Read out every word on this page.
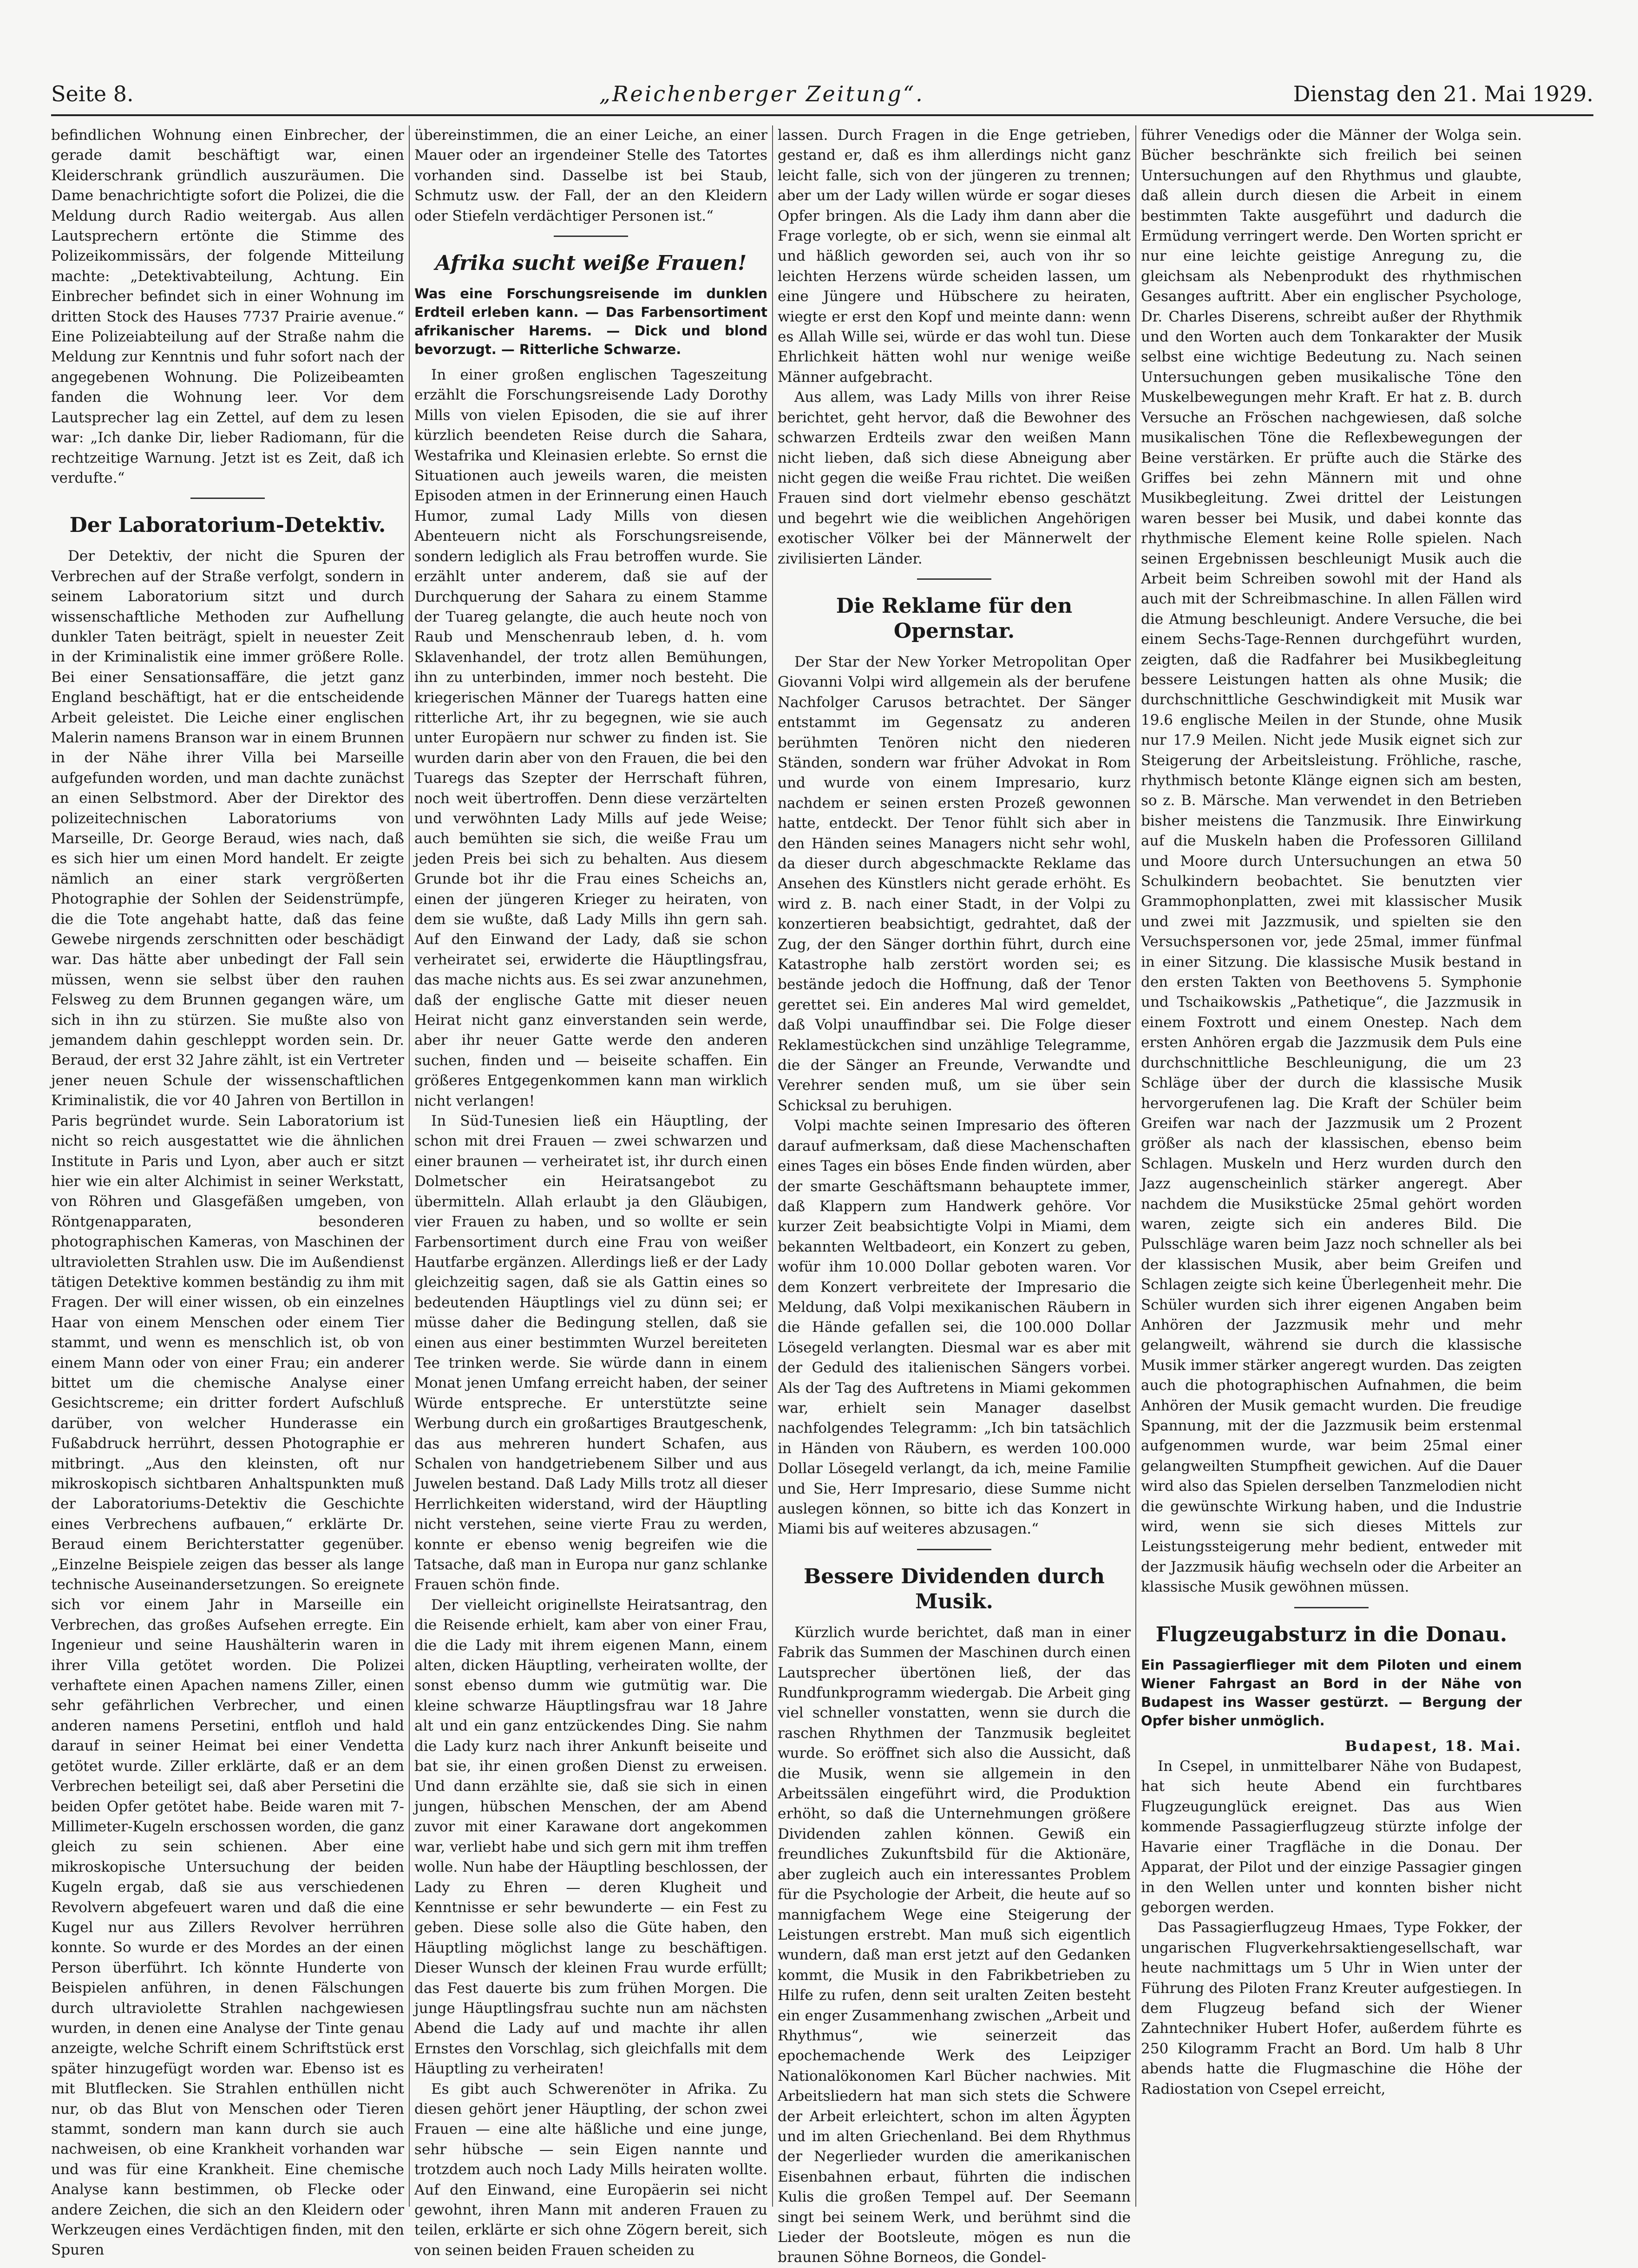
Seite 8.	„Reichenberger Zeitung“.	Dienstag den 21. Mai 1929.

befindlichen Wohnung einen Einbrecher, der gerade damit beschäftigt war, einen Kleiderschrank gründlich auszuräumen. Die Dame benachrichtigte sofort die Polizei, die die Meldung durch Radio weitergab. Aus allen Lautsprechern ertönte die Stimme des Polizeikommissärs, der folgende Mitteilung machte: „Detektivabteilung, Achtung. Ein Einbrecher befindet sich in einer Wohnung im dritten Stock des Hauses 7737 Prairie avenue.“ Eine Polizeiabteilung auf der Straße nahm die Meldung zur Kenntnis und fuhr sofort nach der angegebenen Wohnung. Die Polizeibeamten fanden die Wohnung leer. Vor dem Lautsprecher lag ein Zettel, auf dem zu lesen war: „Ich danke Dir, lieber Radiomann, für die rechtzeitige Warnung. Jetzt ist es Zeit, daß ich verdufte.“

Der Laboratorium-Detektiv.

Der Detektiv, der nicht die Spuren der Verbrechen auf der Straße verfolgt, sondern in seinem Laboratorium sitzt und durch wissenschaftliche Methoden zur Aufhellung dunkler Taten beiträgt, spielt in neuester Zeit in der Kriminalistik eine immer größere Rolle. Bei einer Sensationsaffäre, die jetzt ganz England beschäftigt, hat er die entscheidende Arbeit geleistet. Die Leiche einer englischen Malerin namens Branson war in einem Brunnen in der Nähe ihrer Villa bei Marseille aufgefunden worden, und man dachte zunächst an einen Selbstmord. Aber der Direktor des polizeitechnischen Laboratoriums von Marseille, Dr. George Beraud, wies nach, daß es sich hier um einen Mord handelt. Er zeigte nämlich an einer stark vergrößerten Photographie der Sohlen der Seidenstrümpfe, die die Tote angehabt hatte, daß das feine Gewebe nirgends zerschnitten oder beschädigt war. Das hätte aber unbedingt der Fall sein müssen, wenn sie selbst über den rauhen Felsweg zu dem Brunnen gegangen wäre, um sich in ihn zu stürzen. Sie mußte also von jemandem dahin geschleppt worden sein. Dr. Beraud, der erst 32 Jahre zählt, ist ein Vertreter jener neuen Schule der wissenschaftlichen Kriminalistik, die vor 40 Jahren von Bertillon in Paris begründet wurde. Sein Laboratorium ist nicht so reich ausgestattet wie die ähnlichen Institute in Paris und Lyon, aber auch er sitzt hier wie ein alter Alchimist in seiner Werkstatt, von Röhren und Glasgefäßen umgeben, von Röntgenapparaten, besonderen photographischen Kameras, von Maschinen der ultravioletten Strahlen usw. Die im Außendienst tätigen Detektive kommen beständig zu ihm mit Fragen. Der will einer wissen, ob ein einzelnes Haar von einem Menschen oder einem Tier stammt, und wenn es menschlich ist, ob von einem Mann oder von einer Frau; ein anderer bittet um die chemische Analyse einer Gesichtscreme; ein dritter fordert Aufschluß darüber, von welcher Hunderasse ein Fußabdruck herrührt, dessen Photographie er mitbringt. „Aus den kleinsten, oft nur mikroskopisch sichtbaren Anhaltspunkten muß der Laboratoriums-Detektiv die Geschichte eines Verbrechens aufbauen,“ erklärte Dr. Beraud einem Berichterstatter gegenüber. „Einzelne Beispiele zeigen das besser als lange technische Auseinandersetzungen. So ereignete sich vor einem Jahr in Marseille ein Verbrechen, das großes Aufsehen erregte. Ein Ingenieur und seine Haushälterin waren in ihrer Villa getötet worden. Die Polizei verhaftete einen Apachen namens Ziller, einen sehr gefährlichen Verbrecher, und einen anderen namens Persetini, entfloh und hald darauf in seiner Heimat bei einer Vendetta getötet wurde. Ziller erklärte, daß er an dem Verbrechen beteiligt sei, daß aber Persetini die beiden Opfer getötet habe. Beide waren mit 7-Millimeter-Kugeln erschossen worden, die ganz gleich zu sein schienen. Aber eine mikroskopische Untersuchung der beiden Kugeln ergab, daß sie aus verschiedenen Revolvern abgefeuert waren und daß die eine Kugel nur aus Zillers Revolver herrühren konnte. So wurde er des Mordes an der einen Person überführt. Ich könnte Hunderte von Beispielen anführen, in denen Fälschungen durch ultraviolette Strahlen nachgewiesen wurden, in denen eine Analyse der Tinte genau anzeigte, welche Schrift einem Schriftstück erst später hinzugefügt worden war. Ebenso ist es mit Blutflecken. Sie Strahlen enthüllen nicht nur, ob das Blut von Menschen oder Tieren stammt, sondern man kann durch sie auch nachweisen, ob eine Krankheit vorhanden war und was für eine Krankheit. Eine chemische Analyse kann bestimmen, ob Flecke oder andere Zeichen, die sich an den Kleidern oder Werkzeugen eines Verdächtigen finden, mit den Spuren

übereinstimmen, die an einer Leiche, an einer Mauer oder an irgendeiner Stelle des Tatortes vorhanden sind. Dasselbe ist bei Staub, Schmutz usw. der Fall, der an den Kleidern oder Stiefeln verdächtiger Personen ist.“

Afrika sucht weiße Frauen!
Was eine Forschungsreisende im dunklen Erdteil erleben kann. — Das Farbensortiment afrikanischer Harems. — Dick und blond bevorzugt. — Ritterliche Schwarze.

In einer großen englischen Tageszeitung erzählt die Forschungsreisende Lady Dorothy Mills von vielen Episoden, die sie auf ihrer kürzlich beendeten Reise durch die Sahara, Westafrika und Kleinasien erlebte. So ernst die Situationen auch jeweils waren, die meisten Episoden atmen in der Erinnerung einen Hauch Humor, zumal Lady Mills von diesen Abenteuern nicht als Forschungsreisende, sondern lediglich als Frau betroffen wurde. Sie erzählt unter anderem, daß sie auf der Durchquerung der Sahara zu einem Stamme der Tuareg gelangte, die auch heute noch von Raub und Menschenraub leben, d. h. vom Sklavenhandel, der trotz allen Bemühungen, ihn zu unterbinden, immer noch besteht. Die kriegerischen Männer der Tuaregs hatten eine ritterliche Art, ihr zu begegnen, wie sie auch unter Europäern nur schwer zu finden ist. Sie wurden darin aber von den Frauen, die bei den Tuaregs das Szepter der Herrschaft führen, noch weit übertroffen. Denn diese verzärtelten und verwöhnten Lady Mills auf jede Weise; auch bemühten sie sich, die weiße Frau um jeden Preis bei sich zu behalten. Aus diesem Grunde bot ihr die Frau eines Scheichs an, einen der jüngeren Krieger zu heiraten, von dem sie wußte, daß Lady Mills ihn gern sah. Auf den Einwand der Lady, daß sie schon verheiratet sei, erwiderte die Häuptlingsfrau, das mache nichts aus. Es sei zwar anzunehmen, daß der englische Gatte mit dieser neuen Heirat nicht ganz einverstanden sein werde, aber ihr neuer Gatte werde den anderen suchen, finden und — beiseite schaffen. Ein größeres Entgegenkommen kann man wirklich nicht verlangen!

In Süd-Tunesien ließ ein Häuptling, der schon mit drei Frauen — zwei schwarzen und einer braunen — verheiratet ist, ihr durch einen Dolmetscher ein Heiratsangebot zu übermitteln. Allah erlaubt ja den Gläubigen, vier Frauen zu haben, und so wollte er sein Farbensortiment durch eine Frau von weißer Hautfarbe ergänzen. Allerdings ließ er der Lady gleichzeitig sagen, daß sie als Gattin eines so bedeutenden Häuptlings viel zu dünn sei; er müsse daher die Bedingung stellen, daß sie einen aus einer bestimmten Wurzel bereiteten Tee trinken werde. Sie würde dann in einem Monat jenen Umfang erreicht haben, der seiner Würde entspreche. Er unterstützte seine Werbung durch ein großartiges Brautgeschenk, das aus mehreren hundert Schafen, aus Schalen von handgetriebenem Silber und aus Juwelen bestand. Daß Lady Mills trotz all dieser Herrlichkeiten widerstand, wird der Häuptling nicht verstehen, seine vierte Frau zu werden, konnte er ebenso wenig begreifen wie die Tatsache, daß man in Europa nur ganz schlanke Frauen schön finde.

Der vielleicht originellste Heiratsantrag, den die Reisende erhielt, kam aber von einer Frau, die die Lady mit ihrem eigenen Mann, einem alten, dicken Häuptling, verheiraten wollte, der sonst ebenso dumm wie gutmütig war. Die kleine schwarze Häuptlingsfrau war 18 Jahre alt und ein ganz entzückendes Ding. Sie nahm die Lady kurz nach ihrer Ankunft beiseite und bat sie, ihr einen großen Dienst zu erweisen. Und dann erzählte sie, daß sie sich in einen jungen, hübschen Menschen, der am Abend zuvor mit einer Karawane dort angekommen war, verliebt habe und sich gern mit ihm treffen wolle. Nun habe der Häuptling beschlossen, der Lady zu Ehren — deren Klugheit und Kenntnisse er sehr bewunderte — ein Fest zu geben. Diese solle also die Güte haben, den Häuptling möglichst lange zu beschäftigen. Dieser Wunsch der kleinen Frau wurde erfüllt; das Fest dauerte bis zum frühen Morgen. Die junge Häuptlingsfrau suchte nun am nächsten Abend die Lady auf und machte ihr allen Ernstes den Vorschlag, sich gleichfalls mit dem Häuptling zu verheiraten!

Es gibt auch Schwerenöter in Afrika. Zu diesen gehört jener Häuptling, der schon zwei Frauen — eine alte häßliche und eine junge, sehr hübsche — sein Eigen nannte und trotzdem auch noch Lady Mills heiraten wollte. Auf den Einwand, eine Europäerin sei nicht gewohnt, ihren Mann mit anderen Frauen zu teilen, erklärte er sich ohne Zögern bereit, sich von seinen beiden Frauen scheiden zu

lassen. Durch Fragen in die Enge getrieben, gestand er, daß es ihm allerdings nicht ganz leicht falle, sich von der jüngeren zu trennen; aber um der Lady willen würde er sogar dieses Opfer bringen. Als die Lady ihm dann aber die Frage vorlegte, ob er sich, wenn sie einmal alt und häßlich geworden sei, auch von ihr so leichten Herzens würde scheiden lassen, um eine Jüngere und Hübschere zu heiraten, wiegte er erst den Kopf und meinte dann: wenn es Allah Wille sei, würde er das wohl tun. Diese Ehrlichkeit hätten wohl nur wenige weiße Männer aufgebracht.

Aus allem, was Lady Mills von ihrer Reise berichtet, geht hervor, daß die Bewohner des schwarzen Erdteils zwar den weißen Mann nicht lieben, daß sich diese Abneigung aber nicht gegen die weiße Frau richtet. Die weißen Frauen sind dort vielmehr ebenso geschätzt und begehrt wie die weiblichen Angehörigen exotischer Völker bei der Männerwelt der zivilisierten Länder.

Die Reklame für den Opernstar.

Der Star der New Yorker Metropolitan Oper Giovanni Volpi wird allgemein als der berufene Nachfolger Carusos betrachtet. Der Sänger entstammt im Gegensatz zu anderen berühmten Tenören nicht den niederen Ständen, sondern war früher Advokat in Rom und wurde von einem Impresario, kurz nachdem er seinen ersten Prozeß gewonnen hatte, entdeckt. Der Tenor fühlt sich aber in den Händen seines Managers nicht sehr wohl, da dieser durch abgeschmackte Reklame das Ansehen des Künstlers nicht gerade erhöht. Es wird z. B. nach einer Stadt, in der Volpi zu konzertieren beabsichtigt, gedrahtet, daß der Zug, der den Sänger dorthin führt, durch eine Katastrophe halb zerstört worden sei; es bestände jedoch die Hoffnung, daß der Tenor gerettet sei. Ein anderes Mal wird gemeldet, daß Volpi unauffindbar sei. Die Folge dieser Reklamestückchen sind unzählige Telegramme, die der Sänger an Freunde, Verwandte und Verehrer senden muß, um sie über sein Schicksal zu beruhigen.

Volpi machte seinen Impresario des öfteren darauf aufmerksam, daß diese Machenschaften eines Tages ein böses Ende finden würden, aber der smarte Geschäftsmann behauptete immer, daß Klappern zum Handwerk gehöre. Vor kurzer Zeit beabsichtigte Volpi in Miami, dem bekannten Weltbadeort, ein Konzert zu geben, wofür ihm 10.000 Dollar geboten waren. Vor dem Konzert verbreitete der Impresario die Meldung, daß Volpi mexikanischen Räubern in die Hände gefallen sei, die 100.000 Dollar Lösegeld verlangten. Diesmal war es aber mit der Geduld des italienischen Sängers vorbei. Als der Tag des Auftretens in Miami gekommen war, erhielt sein Manager daselbst nachfolgendes Telegramm: „Ich bin tatsächlich in Händen von Räubern, es werden 100.000 Dollar Lösegeld verlangt, da ich, meine Familie und Sie, Herr Impresario, diese Summe nicht auslegen können, so bitte ich das Konzert in Miami bis auf weiteres abzusagen.“

Bessere Dividenden durch Musik.

Kürzlich wurde berichtet, daß man in einer Fabrik das Summen der Maschinen durch einen Lautsprecher übertönen ließ, der das Rundfunkprogramm wiedergab. Die Arbeit ging viel schneller vonstatten, wenn sie durch die raschen Rhythmen der Tanzmusik begleitet wurde. So eröffnet sich also die Aussicht, daß die Musik, wenn sie allgemein in den Arbeitssälen eingeführt wird, die Produktion erhöht, so daß die Unternehmungen größere Dividenden zahlen können. Gewiß ein freundliches Zukunftsbild für die Aktionäre, aber zugleich auch ein interessantes Problem für die Psychologie der Arbeit, die heute auf so mannigfachem Wege eine Steigerung der Leistungen erstrebt. Man muß sich eigentlich wundern, daß man erst jetzt auf den Gedanken kommt, die Musik in den Fabrikbetrieben zu Hilfe zu rufen, denn seit uralten Zeiten besteht ein enger Zusammenhang zwischen „Arbeit und Rhythmus“, wie seinerzeit das epochemachende Werk des Leipziger Nationalökonomen Karl Bücher nachwies. Mit Arbeitsliedern hat man sich stets die Schwere der Arbeit erleichtert, schon im alten Ägypten und im alten Griechenland. Bei dem Rhythmus der Negerlieder wurden die amerikanischen Eisenbahnen erbaut, führten die indischen Kulis die großen Tempel auf. Der Seemann singt bei seinem Werk, und berühmt sind die Lieder der Bootsleute, mögen es nun die braunen Söhne Borneos, die Gondel-

führer Venedigs oder die Männer der Wolga sein. Bücher beschränkte sich freilich bei seinen Untersuchungen auf den Rhythmus und glaubte, daß allein durch diesen die Arbeit in einem bestimmten Takte ausgeführt und dadurch die Ermüdung verringert werde. Den Worten spricht er nur eine leichte geistige Anregung zu, die gleichsam als Nebenprodukt des rhythmischen Gesanges auftritt. Aber ein englischer Psychologe, Dr. Charles Diserens, schreibt außer der Rhythmik und den Worten auch dem Tonkarakter der Musik selbst eine wichtige Bedeutung zu. Nach seinen Untersuchungen geben musikalische Töne den Muskelbewegungen mehr Kraft. Er hat z. B. durch Versuche an Fröschen nachgewiesen, daß solche musikalischen Töne die Reflexbewegungen der Beine verstärken. Er prüfte auch die Stärke des Griffes bei zehn Männern mit und ohne Musikbegleitung. Zwei drittel der Leistungen waren besser bei Musik, und dabei konnte das rhythmische Element keine Rolle spielen. Nach seinen Ergebnissen beschleunigt Musik auch die Arbeit beim Schreiben sowohl mit der Hand als auch mit der Schreibmaschine. In allen Fällen wird die Atmung beschleunigt. Andere Versuche, die bei einem Sechs-Tage-Rennen durchgeführt wurden, zeigten, daß die Radfahrer bei Musikbegleitung bessere Leistungen hatten als ohne Musik; die durchschnittliche Geschwindigkeit mit Musik war 19.6 englische Meilen in der Stunde, ohne Musik nur 17.9 Meilen. Nicht jede Musik eignet sich zur Steigerung der Arbeitsleistung. Fröhliche, rasche, rhythmisch betonte Klänge eignen sich am besten, so z. B. Märsche. Man verwendet in den Betrieben bisher meistens die Tanzmusik. Ihre Einwirkung auf die Muskeln haben die Professoren Gilliland und Moore durch Untersuchungen an etwa 50 Schulkindern beobachtet. Sie benutzten vier Grammophonplatten, zwei mit klassischer Musik und zwei mit Jazzmusik, und spielten sie den Versuchspersonen vor, jede 25mal, immer fünfmal in einer Sitzung. Die klassische Musik bestand in den ersten Takten von Beethovens 5. Symphonie und Tschaikowskis „Pathetique“, die Jazzmusik in einem Foxtrott und einem Onestep. Nach dem ersten Anhören ergab die Jazzmusik dem Puls eine durchschnittliche Beschleunigung, die um 23 Schläge über der durch die klassische Musik hervorgerufenen lag. Die Kraft der Schüler beim Greifen war nach der Jazzmusik um 2 Prozent größer als nach der klassischen, ebenso beim Schlagen. Muskeln und Herz wurden durch den Jazz augenscheinlich stärker angeregt. Aber nachdem die Musikstücke 25mal gehört worden waren, zeigte sich ein anderes Bild. Die Pulsschläge waren beim Jazz noch schneller als bei der klassischen Musik, aber beim Greifen und Schlagen zeigte sich keine Überlegenheit mehr. Die Schüler wurden sich ihrer eigenen Angaben beim Anhören der Jazzmusik mehr und mehr gelangweilt, während sie durch die klassische Musik immer stärker angeregt wurden. Das zeigten auch die photographischen Aufnahmen, die beim Anhören der Musik gemacht wurden. Die freudige Spannung, mit der die Jazzmusik beim erstenmal aufgenommen wurde, war beim 25mal einer gelangweilten Stumpfheit gewichen. Auf die Dauer wird also das Spielen derselben Tanzmelodien nicht die gewünschte Wirkung haben, und die Industrie wird, wenn sie sich dieses Mittels zur Leistungssteigerung mehr bedient, entweder mit der Jazzmusik häufig wechseln oder die Arbeiter an klassische Musik gewöhnen müssen.

Flugzeugabsturz in die Donau.
Ein Passagierflieger mit dem Piloten und einem Wiener Fahrgast an Bord in der Nähe von Budapest ins Wasser gestürzt. — Bergung der Opfer bisher unmöglich.

Budapest, 18. Mai.

In Csepel, in unmittelbarer Nähe von Budapest, hat sich heute Abend ein furchtbares Flugzeugunglück ereignet. Das aus Wien kommende Passagierflugzeug stürzte infolge der Havarie einer Tragfläche in die Donau. Der Apparat, der Pilot und der einzige Passagier gingen in den Wellen unter und konnten bisher nicht geborgen werden.

Das Passagierflugzeug Hmaes, Type Fokker, der ungarischen Flugverkehrsaktiengesellschaft, war heute nachmittags um 5 Uhr in Wien unter der Führung des Piloten Franz Kreuter aufgestiegen. In dem Flugzeug befand sich der Wiener Zahntechniker Hubert Hofer, außerdem führte es 250 Kilogramm Fracht an Bord. Um halb 8 Uhr abends hatte die Flugmaschine die Höhe der Radiostation von Csepel erreicht,
